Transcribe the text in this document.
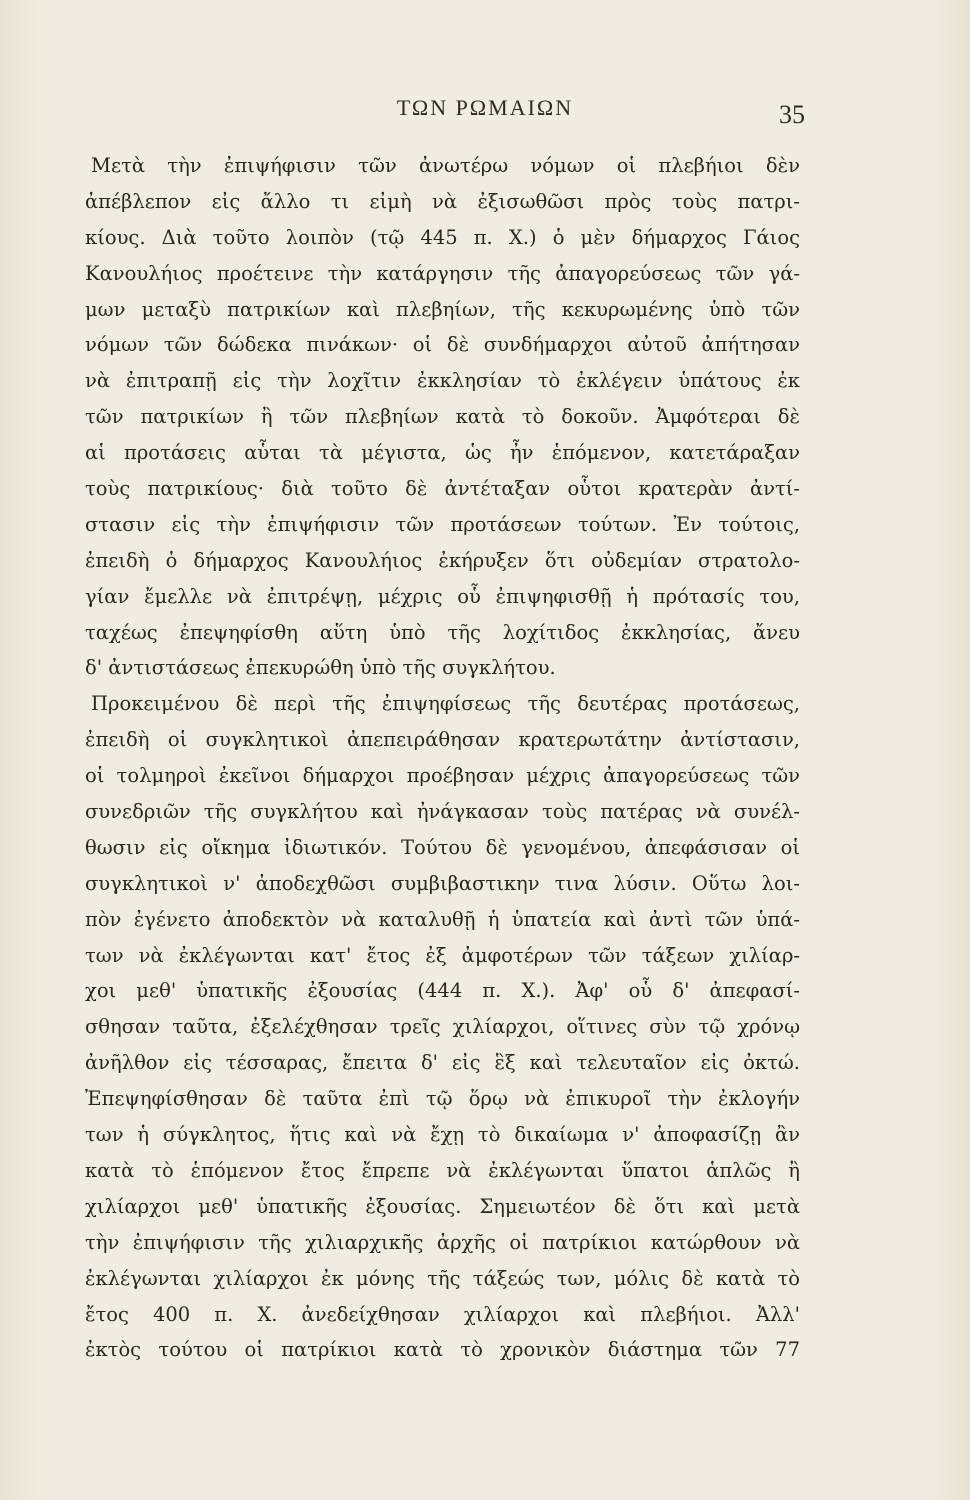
ΤΩΝ ΡΩΜΑΙΩΝ	35
Μετὰ τὴν ἐπιψήφισιν τῶν ἀνωτέρω νόμων οἱ πλεβήιοι δὲν
ἀπέβλεπον εἰς ἄλλο τι εἰμὴ νὰ ἐξισωθῶσι πρὸς τοὺς πατρι-
κίους. Διὰ τοῦτο λοιπὸν (τῷ 445 π. Χ.) ὁ μὲν δήμαρχος Γάιος
Κανουλήιος προέτεινε τὴν κατάργησιν τῆς ἀπαγορεύσεως τῶν γά-
μων μεταξὺ πατρικίων καὶ πλεβηίων, τῆς κεκυρωμένης ὑπὸ τῶν
νόμων τῶν δώδεκα πινάκων· οἱ δὲ συνδήμαρχοι αὐτοῦ ἀπήτησαν
νὰ ἐπιτραπῇ εἰς τὴν λοχῖτιν ἐκκλησίαν τὸ ἐκλέγειν ὑπάτους ἐκ
τῶν πατρικίων ἢ τῶν πλεβηίων κατὰ τὸ δοκοῦν. Ἀμφότεραι δὲ
αἱ προτάσεις αὗται τὰ μέγιστα, ὡς ἦν ἑπόμενον, κατετάραξαν
τοὺς πατρικίους· διὰ τοῦτο δὲ ἀντέταξαν οὗτοι κρατερὰν ἀντί-
στασιν εἰς τὴν ἐπιψήφισιν τῶν προτάσεων τούτων. Ἐν τούτοις,
ἐπειδὴ ὁ δήμαρχος Κανουλήιος ἐκήρυξεν ὅτι οὐδεμίαν στρατολο-
γίαν ἔμελλε νὰ ἐπιτρέψῃ, μέχρις οὗ ἐπιψηφισθῇ ἡ πρότασίς του,
ταχέως ἐπεψηφίσθη αὕτη ὑπὸ τῆς λοχίτιδος ἐκκλησίας, ἄνευ
δ' ἀντιστάσεως ἐπεκυρώθη ὑπὸ τῆς συγκλήτου.
Προκειμένου δὲ περὶ τῆς ἐπιψηφίσεως τῆς δευτέρας προτάσεως,
ἐπειδὴ οἱ συγκλητικοὶ ἀπεπειράθησαν κρατερωτάτην ἀντίστασιν,
οἱ τολμηροὶ ἐκεῖνοι δήμαρχοι προέβησαν μέχρις ἀπαγορεύσεως τῶν
συνεδριῶν τῆς συγκλήτου καὶ ἠνάγκασαν τοὺς πατέρας νὰ συνέλ-
θωσιν εἰς οἴκημα ἰδιωτικόν. Τούτου δὲ γενομένου, ἀπεφάσισαν οἱ
συγκλητικοὶ ν' ἀποδεχθῶσι συμβιβαστικην τινα λύσιν. Οὕτω λοι-
πὸν ἐγένετο ἀποδεκτὸν νὰ καταλυθῇ ἡ ὑπατεία καὶ ἀντὶ τῶν ὑπά-
των νὰ ἐκλέγωνται κατ' ἔτος ἐξ ἀμφοτέρων τῶν τάξεων χιλίαρ-
χοι μεθ' ὑπατικῆς ἐξουσίας (444 π. Χ.). Ἀφ' οὗ δ' ἀπεφασί-
σθησαν ταῦτα, ἐξελέχθησαν τρεῖς χιλίαρχοι, οἵτινες σὺν τῷ χρόνῳ
ἀνῆλθον εἰς τέσσαρας, ἔπειτα δ' εἰς ἓξ καὶ τελευταῖον εἰς ὀκτώ.
Ἐπεψηφίσθησαν δὲ ταῦτα ἐπὶ τῷ ὅρῳ νὰ ἐπικυροῖ τὴν ἐκλογήν
των ἡ σύγκλητος, ἥτις καὶ νὰ ἔχῃ τὸ δικαίωμα ν' ἀποφασίζῃ ἂν
κατὰ τὸ ἑπόμενον ἔτος ἔπρεπε νὰ ἐκλέγωνται ὕπατοι ἁπλῶς ἢ
χιλίαρχοι μεθ' ὑπατικῆς ἐξουσίας. Σημειωτέον δὲ ὅτι καὶ μετὰ
τὴν ἐπιψήφισιν τῆς χιλιαρχικῆς ἀρχῆς οἱ πατρίκιοι κατώρθουν νὰ
ἐκλέγωνται χιλίαρχοι ἐκ μόνης τῆς τάξεώς των, μόλις δὲ κατὰ τὸ
ἔτος 400 π. Χ. ἀνεδείχθησαν χιλίαρχοι καὶ πλεβήιοι. Ἀλλ'
ἐκτὸς τούτου οἱ πατρίκιοι κατὰ τὸ χρονικὸν διάστημα τῶν 77
